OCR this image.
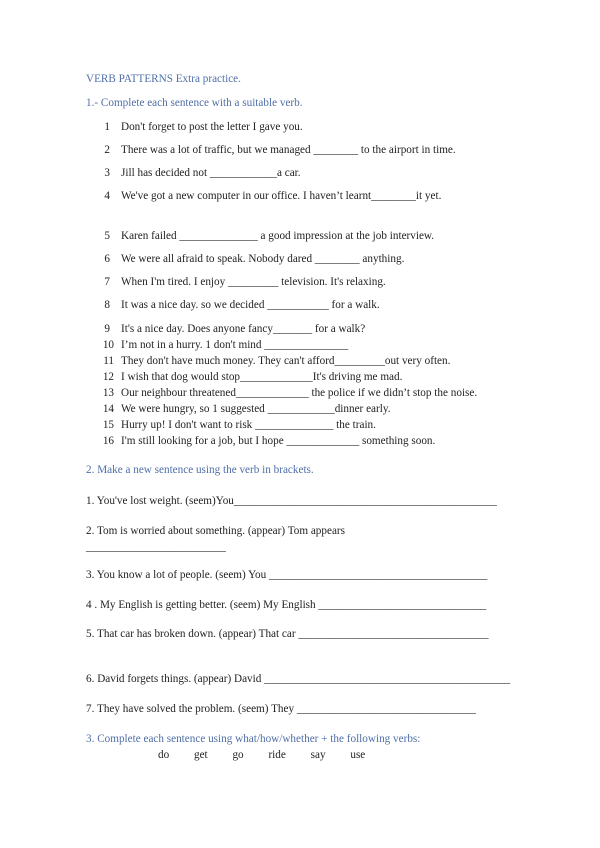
VERB PATTERNS Extra practice.
1.- Complete each sentence with a suitable verb.
1 Don't forget to post the letter I gave you.
2 There was a lot of traffic, but we managed ________ to the airport in time.
3 Jill has decided not ____________a car.
4 We've got a new computer in our office. I haven’t learnt________it yet.
5 Karen failed ______________ a good impression at the job interview.
6 We were all afraid to speak. Nobody dared ________ anything.
7 When I'm tired. I enjoy _________ television. It's relaxing.
8 It was a nice day. so we decided ___________ for a walk.
9 It's a nice day. Does anyone fancy_______ for a walk?
10 I’m not in a hurry. 1 don't mind _______________
11 They don't have much money. They can't afford_________out very often.
12 I wish that dog would stop_____________It's driving me mad.
13 Our neighbour threatened_____________ the police if we didn’t stop the noise.
14 We were hungry, so 1 suggested ____________dinner early.
15 Hurry up! I don't want to risk ______________ the train.
16 I'm still looking for a job, but I hope _____________ something soon.
2. Make a new sentence using the verb in brackets.
1. You've lost weight. (seem)You_______________________________________________
2. Tom is worried about something. (appear) Tom appears
_________________________
3. You know a lot of people. (seem) You _______________________________________
4 . My English is getting better. (seem) My English ______________________________
5. That car has broken down. (appear) That car __________________________________
6. David forgets things. (appear) David ____________________________________________
7. They have solved the problem. (seem) They ________________________________
3. Complete each sentence using what/how/whether + the following verbs:
do get go ride say use
